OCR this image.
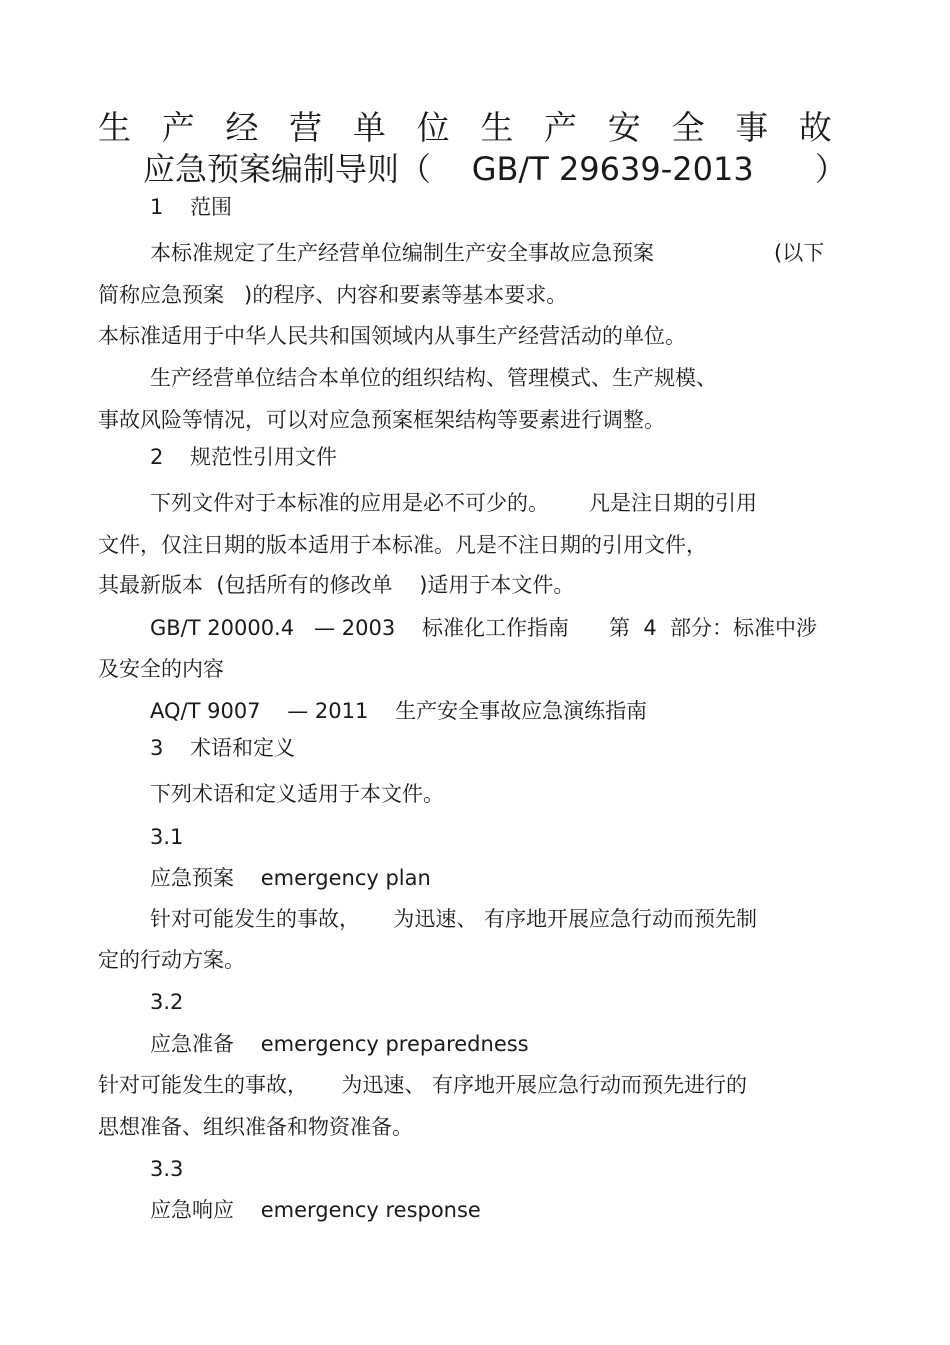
生 产 经 营 单 位 生 产 安 全 事 故
应急预案编制导则（    GB/T 29639-2013      ）

1    范围

本标准规定了生产经营单位编制生产安全事故应急预案	(以下

简称应急预案   )的程序、内容和要素等基本要求。

本标准适用于中华人民共和国领域内从事生产经营活动的单位。

生产经营单位结合本单位的组织结构、管理模式、生产规模、

事故风险等情况，可以对应急预案框架结构等要素进行调整。

2    规范性引用文件

下列文件对于本标准的应用是必不可少的。      凡是注日期的引用

文件，仅注日期的版本适用于本标准。凡是不注日期的引用文件，

其最新版本  (包括所有的修改单    )适用于本文件。

GB/T 20000.4   — 2003    标准化工作指南      第  4  部分：标准中涉

及安全的内容

AQ/T 9007    — 2011    生产安全事故应急演练指南

3    术语和定义

下列术语和定义适用于本文件。

3.1

应急预案    emergency plan

针对可能发生的事故，     为迅速、 有序地开展应急行动而预先制

定的行动方案。

3.2

应急准备    emergency preparedness

针对可能发生的事故，     为迅速、 有序地开展应急行动而预先进行的

思想准备、组织准备和物资准备。

3.3

应急响应    emergency response
